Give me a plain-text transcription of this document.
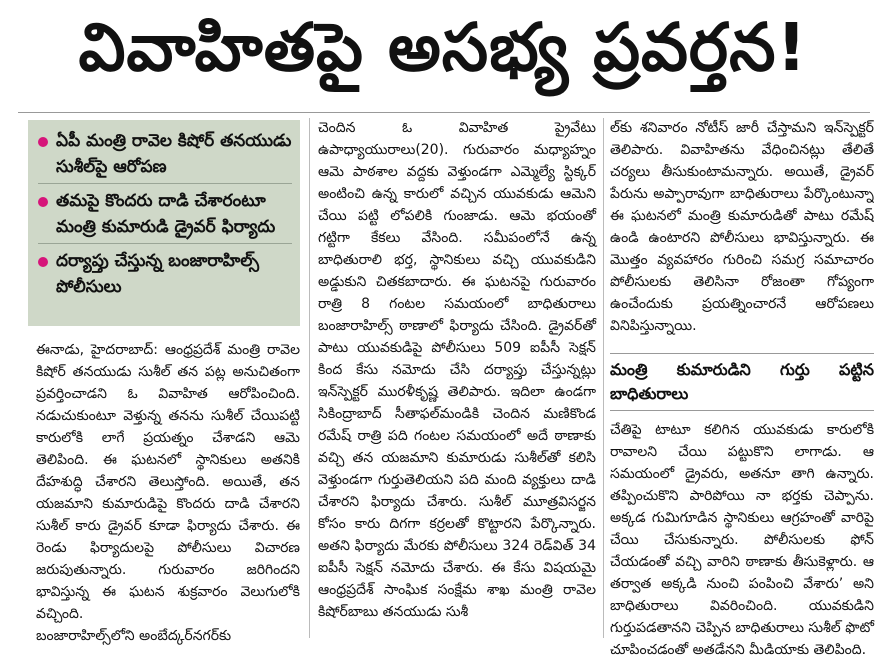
వివాహితపై అసభ్య ప్రవర్తన!
ఏపీ మంత్రి రావెల కిషోర్ తనయుడు సుశీల్‌పై ఆరోపణ
తమపై కొందరు దాడి చేశారంటూ మంత్రి కుమారుడి డ్రైవర్ ఫిర్యాదు
దర్యాప్తు చేస్తున్న బంజారాహిల్స్ పోలీసులు

ఈనాడు, హైదరాబాద్: ఆంధ్రప్రదేశ్ మంత్రి రావెల కిషోర్ తనయుడు సుశీల్ తన పట్ల అనుచితంగా ప్రవర్తించాడని ఓ వివాహిత ఆరోపించింది. నడుచుకుంటూ వెళ్తున్న తనను సుశీల్ చేయిపట్టి కారులోకి లాగే ప్రయత్నం చేశాడని ఆమె తెలిపింది. ఈ ఘటనలో స్థానికులు అతనికి దేహశుద్ధి చేశారని తెలుస్తోంది. అయితే, తన యజమాని కుమారుడిపై కొందరు దాడి చేశారని సుశీల్ కారు డ్రైవర్ కూడా ఫిర్యాదు చేశారు. ఈ రెండు ఫిర్యాదులపై పోలీసులు విచారణ జరుపుతున్నారు. గురువారం జరిగిందని భావిస్తున్న ఈ ఘటన శుక్రవారం వెలుగులోకి వచ్చింది.

బంజారాహిల్స్‌లోని అంబేద్కర్‌నగర్‌కు

చెందిన ఓ వివాహిత ప్రైవేటు ఉపాధ్యాయురాలు(20). గురువారం మధ్యాహ్నం ఆమె పాఠశాల వద్దకు వెళ్తుండగా ఎమ్మెల్యే స్టిక్కర్ అంటించి ఉన్న కారులో వచ్చిన యువకుడు ఆమెని చేయి పట్టి లోపలికి గుంజాడు. ఆమె భయంతో గట్టిగా కేకలు వేసింది. సమీపంలోనే ఉన్న బాధితురాలి భర్త, స్థానికులు వచ్చి యువకుడిని అడ్డుకుని చితకబాదారు. ఈ ఘటనపై గురువారం రాత్రి 8 గంటల సమయంలో బాధితురాలు బంజారాహిల్స్ ఠాణాలో ఫిర్యాదు చేసింది. డ్రైవర్‌తో పాటు యువకుడిపై పోలీసులు 509 ఐపీసీ సెక్షన్ కింద కేసు నమోదు చేసి దర్యాప్తు చేస్తున్నట్లు ఇన్‌స్పెక్టర్ మురళీకృష్ణ తెలిపారు. ఇదిలా ఉండగా సికింద్రాబాద్ సీతాఫల్‌మండికి చెందిన మణికొండ రమేష్ రాత్రి పది గంటల సమయంలో అదే ఠాణాకు వచ్చి తన యజమాని కుమారుడు సుశీల్‌తో కలిసి వెళ్తుండగా గుర్తుతెలియని పది మంది వ్యక్తులు దాడి చేశారని ఫిర్యాదు చేశారు. సుశీల్ మూత్రవిసర్జన కోసం కారు దిగగా కర్రలతో కొట్టారని పేర్కొన్నారు. అతని ఫిర్యాదు మేరకు పోలీసులు 324 రెడ్‌విత్ 34 ఐపీసీ సెక్షన్ నమోదు చేశారు. ఈ కేసు విషయమై ఆంధ్రప్రదేశ్ సాంఘిక సంక్షేమ శాఖ మంత్రి రావెల కిషోర్‌బాబు తనయుడు సుశీ

ల్‌కు శనివారం నోటీస్ జారీ చేస్తామని ఇన్‌స్పెక్టర్ తెలిపారు. వివాహితను వేధించినట్లు తేలితే చర్యలు తీసుకుంటామన్నారు. అయితే, డ్రైవర్ పేరును అప్పారావుగా బాధితురాలు పేర్కొంటున్నా ఈ ఘటనలో మంత్రి కుమారుడితో పాటు రమేష్ ఉండి ఉంటారని పోలీసులు భావిస్తున్నారు. ఈ మొత్తం వ్యవహారం గురించి సమగ్ర సమాచారం పోలీసులకు తెలిసినా రోజంతా గోప్యంగా ఉంచేందుకు ప్రయత్నించారనే ఆరోపణలు వినిపిస్తున్నాయి.

మంత్రి కుమారుడిని గుర్తు పట్టిన బాధితురాలు

చేతిపై టాటూ కలిగిన యువకుడు కారులోకి రావాలని చేయి పట్టుకొని లాగాడు. ఆ సమయంలో డ్రైవరు, అతనూ తాగి ఉన్నారు. తప్పించుకొని పారిపోయి నా భర్తకు చెప్పాను. అక్కడ గుమిగూడిన స్థానికులు ఆగ్రహంతో వారిపై చేయి చేసుకున్నారు. పోలీసులకు ఫోన్ చేయడంతో వచ్చి వారిని ఠాణాకు తీసుకెళ్లారు. ఆ తర్వాత అక్కడి నుంచి పంపించి వేశారు’ అని బాధితురాలు వివరించింది. యువకుడిని గుర్తుపడతానని చెప్పిన బాధితురాలు సుశీల్ ఫొటో చూపించడంతో అతడేనని మీడియాకు తెలిపింది.
